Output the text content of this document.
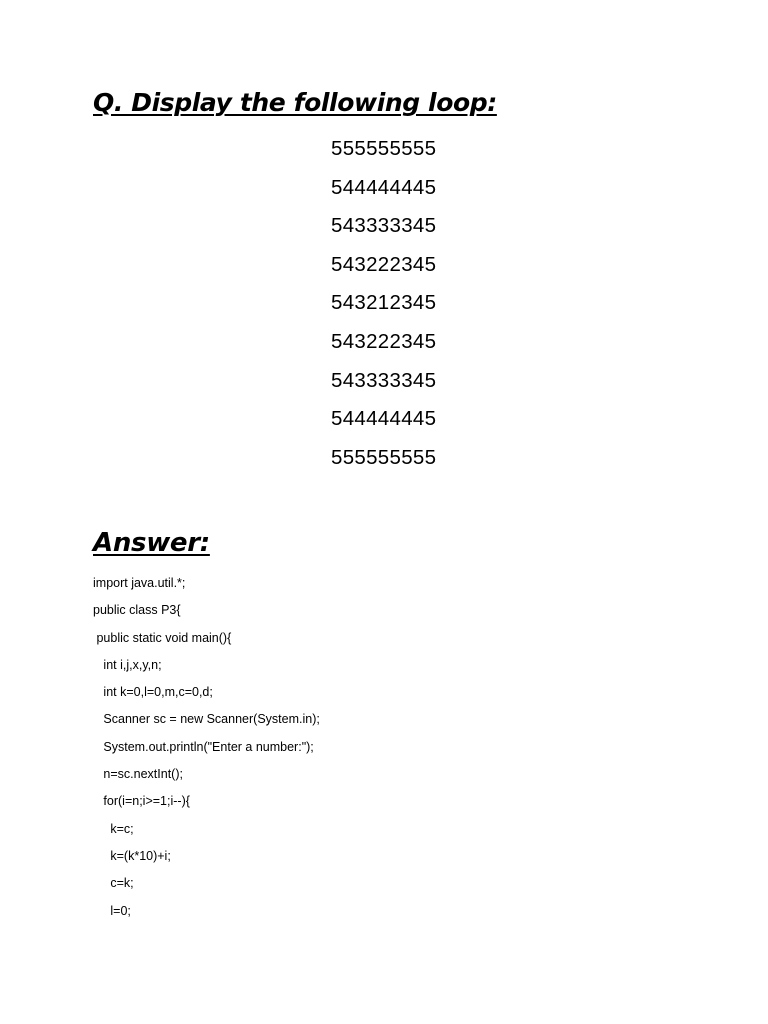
Q. Display the following loop:
555555555
544444445
543333345
543222345
543212345
543222345
543333345
544444445
555555555
Answer:
import java.util.*;
public class P3{
public static void main(){
int i,j,x,y,n;
int k=0,l=0,m,c=0,d;
Scanner sc = new Scanner(System.in);
System.out.println("Enter a number:");
n=sc.nextInt();
for(i=n;i>=1;i--){
k=c;
k=(k*10)+i;
c=k;
l=0;
